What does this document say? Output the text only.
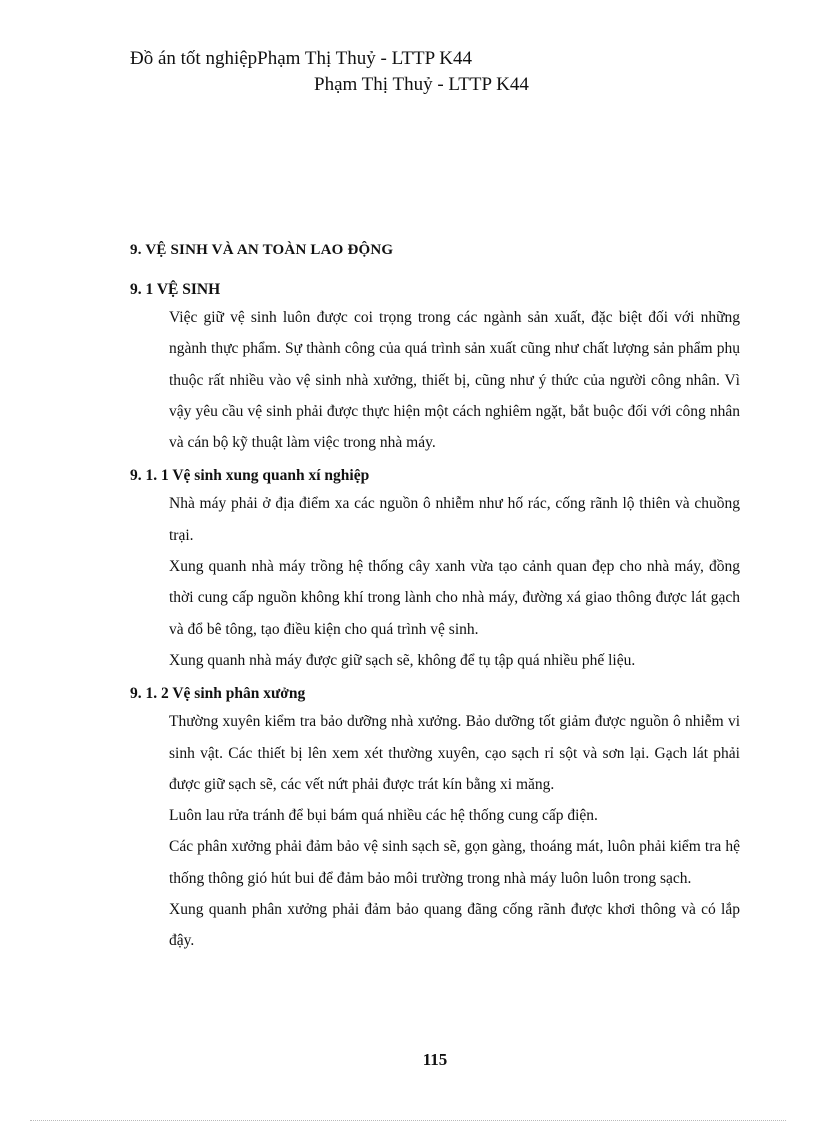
Đồ án tốt nghiệpPhạm Thị Thuỷ - LTTP K44
Phạm Thị Thuỷ - LTTP K44

9. VỆ SINH VÀ AN TOÀN LAO ĐỘNG

9. 1 VỆ SINH

Việc giữ vệ sinh luôn được coi trọng trong các ngành sản xuất, đặc biệt đối với những ngành thực phẩm. Sự thành công của quá trình sản xuất cũng như chất lượng sản phẩm phụ thuộc rất nhiều vào vệ sinh nhà xưởng, thiết bị, cũng như ý thức của người công nhân. Vì vậy yêu cầu vệ sinh phải được thực hiện một cách nghiêm ngặt, bắt buộc đối với công nhân và cán bộ kỹ thuật làm việc trong nhà máy.

9. 1. 1 Vệ sinh xung quanh xí nghiệp

Nhà máy phải ở địa điểm xa các nguồn ô nhiễm như hố rác, cống rãnh lộ thiên và chuồng trại.

Xung quanh nhà máy trồng hệ thống cây xanh vừa tạo cảnh quan đẹp cho nhà máy, đồng thời cung cấp nguồn không khí trong lành cho nhà máy, đường xá giao thông được lát gạch và đổ bê tông, tạo điều kiện cho quá trình vệ sinh.

Xung quanh nhà máy được giữ sạch sẽ, không để tụ tập quá nhiều phế liệu.

9. 1. 2 Vệ sinh phân xưởng

Thường xuyên kiểm tra bảo dưỡng nhà xưởng. Bảo dưỡng tốt giảm được nguồn ô nhiễm vi sinh vật. Các thiết bị lên xem xét thường xuyên, cạo sạch rỉ sột và sơn lại. Gạch lát phải được giữ sạch sẽ, các vết nứt phải được trát kín bằng xi măng.

Luôn lau rửa tránh để bụi bám quá nhiều các hệ thống cung cấp điện.

Các phân xưởng phải đảm bảo vệ sinh sạch sẽ, gọn gàng, thoáng mát, luôn phải kiểm tra hệ thống thông gió hút bui để đảm bảo môi trường trong nhà máy luôn luôn trong sạch.

Xung quanh phân xưởng phải đảm bảo quang đãng cống rãnh được khơi thông và có lắp đậy.

115
